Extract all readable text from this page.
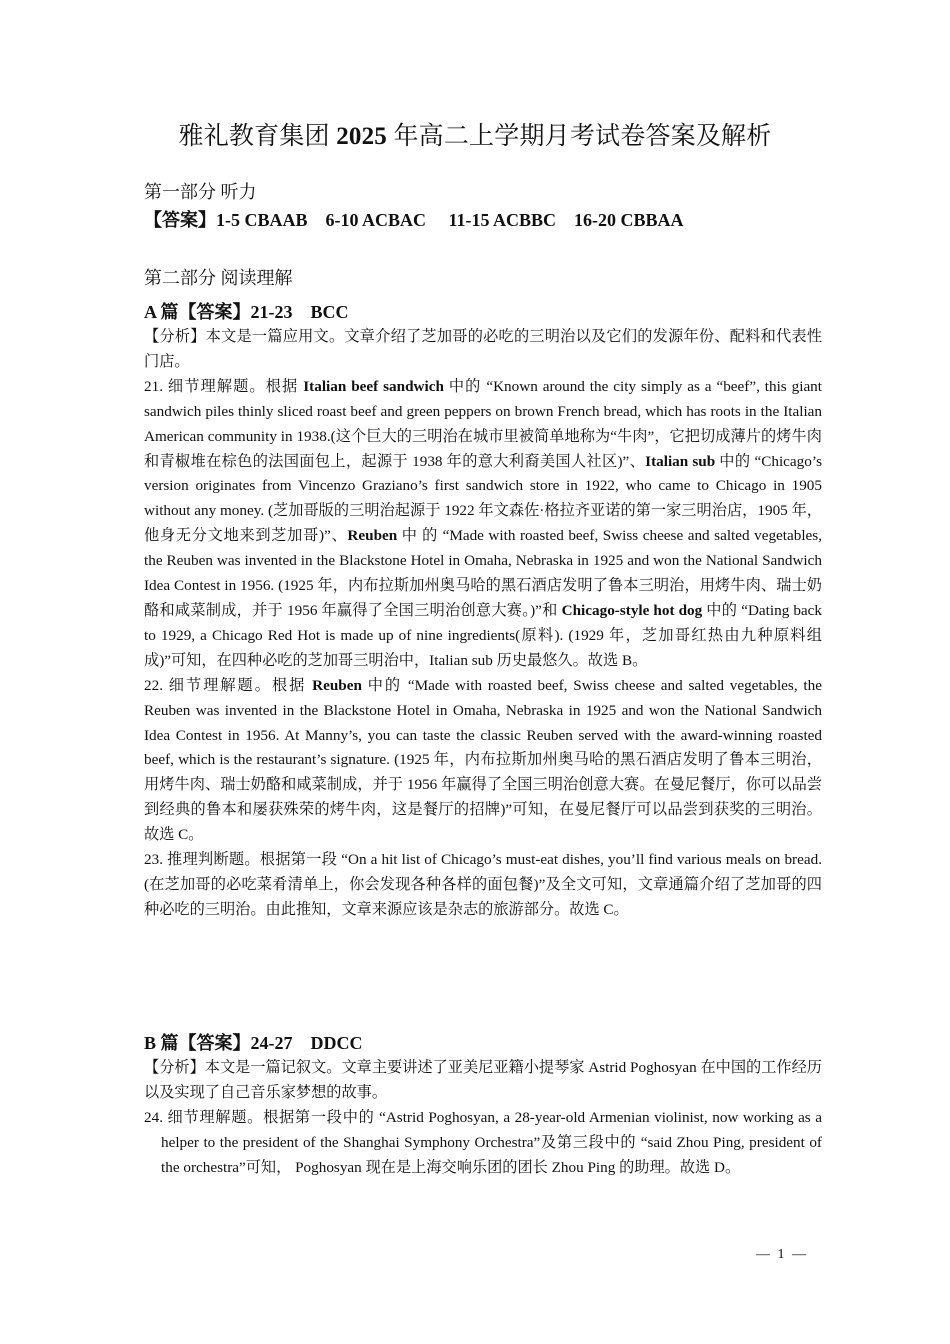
雅礼教育集团 2025 年高二上学期月考试卷答案及解析
第一部分 听力
【答案】1-5 CBAAB    6-10 ACBAC     11-15 ACBBC    16-20 CBBAA
第二部分 阅读理解
A 篇【答案】21-23    BCC

【分析】本文是一篇应用文。文章介绍了芝加哥的必吃的三明治以及它们的发源年份、配料和代表性门店。

21. 细节理解题。根据 Italian beef sandwich 中的 “Known around the city simply as a “beef”, this giant sandwich piles thinly sliced roast beef and green peppers on brown French bread, which has roots in the Italian American community in 1938.(这个巨大的三明治在城市里被简单地称为“牛肉”，它把切成薄片的烤牛肉和青椒堆在棕色的法国面包上，起源于 1938 年的意大利裔美国人社区)”、Italian sub 中的 “Chicago’s version originates from Vincenzo Graziano’s first sandwich store in 1922, who came to Chicago in 1905 without any money. (芝加哥版的三明治起源于 1922 年文森佐·格拉齐亚诺的第一家三明治店，1905 年，他身无分文地来到芝加哥)”、Reuben 中 的 “Made with roasted beef, Swiss cheese and salted vegetables, the Reuben was invented in the Blackstone Hotel in Omaha, Nebraska in 1925 and won the National Sandwich Idea Contest in 1956. (1925 年，内布拉斯加州奥马哈的黑石酒店发明了鲁本三明治，用烤牛肉、瑞士奶酪和咸菜制成，并于 1956 年赢得了全国三明治创意大赛。)”和 Chicago-style hot dog 中的 “Dating back to 1929, a Chicago Red Hot is made up of nine ingredients(原料). (1929 年，芝加哥红热由九种原料组成)”可知，在四种必吃的芝加哥三明治中，Italian sub 历史最悠久。故选 B。

22. 细节理解题。根据 Reuben 中的 “Made with roasted beef, Swiss cheese and salted vegetables, the Reuben was invented in the Blackstone Hotel in Omaha, Nebraska in 1925 and won the National Sandwich Idea Contest in 1956. At Manny’s, you can taste the classic Reuben served with the award-winning roasted beef, which is the restaurant’s signature. (1925 年，内布拉斯加州奥马哈的黑石酒店发明了鲁本三明治，用烤牛肉、瑞士奶酪和咸菜制成，并于 1956 年赢得了全国三明治创意大赛。在曼尼餐厅，你可以品尝到经典的鲁本和屡获殊荣的烤牛肉，这是餐厅的招牌)”可知，在曼尼餐厅可以品尝到获奖的三明治。故选 C。

23. 推理判断题。根据第一段 “On a hit list of Chicago’s must-eat dishes, you’ll find various meals on bread. (在芝加哥的必吃菜肴清单上，你会发现各种各样的面包餐)”及全文可知，文章通篇介绍了芝加哥的四种必吃的三明治。由此推知，文章来源应该是杂志的旅游部分。故选 C。

B 篇【答案】24-27    DDCC

【分析】本文是一篇记叙文。文章主要讲述了亚美尼亚籍小提琴家 Astrid Poghosyan 在中国的工作经历以及实现了自己音乐家梦想的故事。

24. 细节理解题。根据第一段中的 “Astrid Poghosyan, a 28-year-old Armenian violinist, now working as a helper to the president of the Shanghai Symphony Orchestra”及第三段中的 “said Zhou Ping, president of the orchestra”可知， Poghosyan 现在是上海交响乐团的团长 Zhou Ping 的助理。故选 D。

— 1 —
